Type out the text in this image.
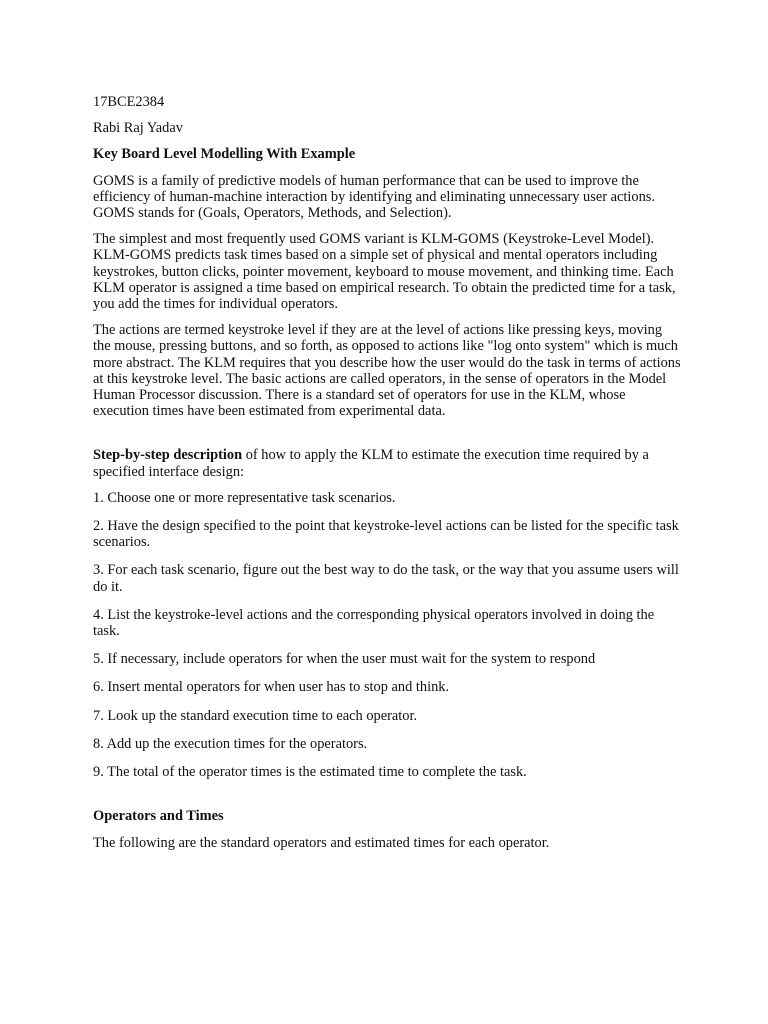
17BCE2384

Rabi Raj Yadav

Key Board Level Modelling With Example

GOMS is a family of predictive models of human performance that can be used to improve the efficiency of human-machine interaction by identifying and eliminating unnecessary user actions. GOMS stands for (Goals, Operators, Methods, and Selection).

The simplest and most frequently used GOMS variant is KLM-GOMS (Keystroke-Level Model). KLM-GOMS predicts task times based on a simple set of physical and mental operators including keystrokes, button clicks, pointer movement, keyboard to mouse movement, and thinking time. Each KLM operator is assigned a time based on empirical research. To obtain the predicted time for a task, you add the times for individual operators.

The actions are termed keystroke level if they are at the level of actions like pressing keys, moving the mouse, pressing buttons, and so forth, as opposed to actions like "log onto system" which is much more abstract. The KLM requires that you describe how the user would do the task in terms of actions at this keystroke level. The basic actions are called operators, in the sense of operators in the Model Human Processor discussion. There is a standard set of operators for use in the KLM, whose execution times have been estimated from experimental data.

Step-by-step description of how to apply the KLM to estimate the execution time required by a specified interface design:

1. Choose one or more representative task scenarios.

2. Have the design specified to the point that keystroke-level actions can be listed for the specific task scenarios.

3. For each task scenario, figure out the best way to do the task, or the way that you assume users will do it.

4. List the keystroke-level actions and the corresponding physical operators involved in doing the task.

5. If necessary, include operators for when the user must wait for the system to respond

6. Insert mental operators for when user has to stop and think.

7. Look up the standard execution time to each operator.

8. Add up the execution times for the operators.

9. The total of the operator times is the estimated time to complete the task.

Operators and Times

The following are the standard operators and estimated times for each operator.
